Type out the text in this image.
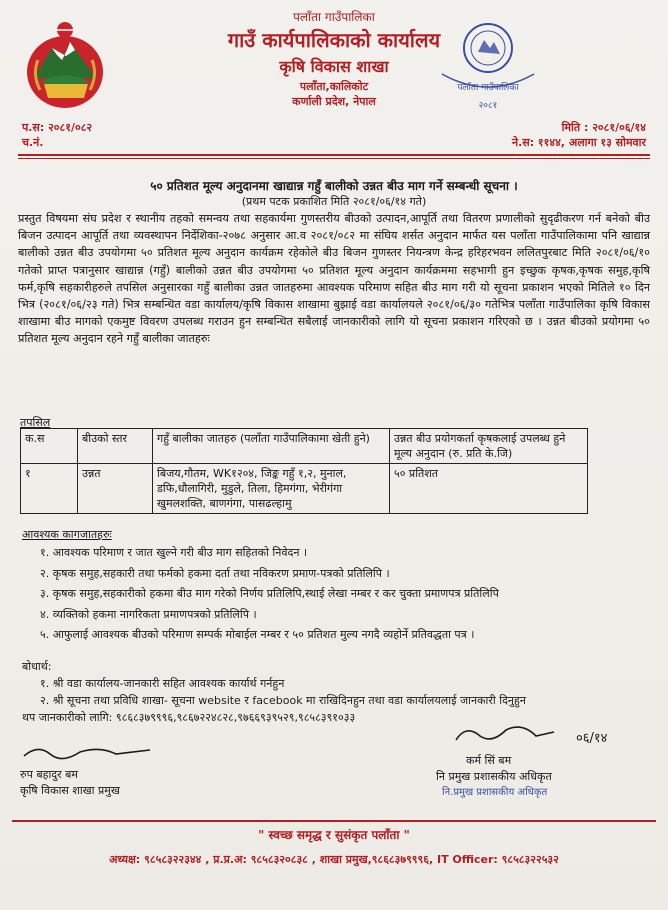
पलाँता गाउँपालिका
गाउँ कार्यपालिकाको कार्यालय
कृषि विकास शाखा
पलाँता,कालिकोट
कर्णाली प्रदेश, नेपाल
पलाँता गाउँपालिका
२०८१
प.स: २०८१/०८२
च.नं.
मिति : २०८१/०६/१४
ने.स: ११४४, अलागा १३ सोमवार
५० प्रतिशत मूल्य अनुदानमा खाद्यान्न गहुँ बालीको उन्नत बीउ माग गर्ने सम्बन्धी सूचना ।
(प्रथम पटक प्रकाशित मिति २०८१/०६/१४ गते)
प्रस्तुत विषयमा संघ प्रदेश र स्थानीय तहको समन्वय तथा सहकार्यमा गुणस्तरीय बीउको उत्पादन,आपूर्ति तथा वितरण प्रणालीको सुदृढीकरण गर्न बनेको बीउ बिजन उत्पादन आपूर्ति तथा व्यवस्थापन निर्देशिका-२०७८ अनुसार आ.व २०८१/०८२ मा संघिय शर्सत अनुदान मार्फत यस पलाँता गाउँपालिकामा पनि खाद्यान्न बालीको उन्नत बीउ उपयोगमा ५० प्रतिशत मूल्य अनुदान कार्यक्रम रहेकोले बीउ बिजन गुणस्तर नियन्त्रण केन्द्र हरिहरभवन ललितपुरबाट मिति २०८१/०६/१० गतेको प्राप्त पत्रानुसार खाद्यान्न (गहुँ) बालीको उन्नत बीउ उपयोगमा ५० प्रतिशत मूल्य अनुदान कार्यक्रममा सहभागी हुन इच्छुक कृषक,कृषक समुह,कृषि फर्म,कृषि सहकारीहरुले तपसिल अनुसारका गहुँ बालीका उन्नत जातहरुमा आवश्यक परिमाण सहित बीउ माग गरी यो सूचना प्रकाशन भएको मितिले १० दिन भित्र (२०८१/०६/२३ गते) भित्र सम्बन्धित वडा कार्यालय/कृषि विकास शाखामा बुझाई वडा कार्यालयले २०८१/०६/३० गतेभित्र पलाँता गाउँपालिका कृषि विकास शाखामा बीउ मागको एकमुष्ट विवरण उपलब्ध गराउन हुन सम्बन्धित सबैलाई जानकारीको लागि यो सूचना प्रकाशन गरिएको छ । उन्नत बीउको प्रयोगमा ५० प्रतिशत मूल्य अनुदान रहने गहुँ बालीका जातहरुः
तपसिल
क.स	बीउको स्तर	गहुँ बालीका जातहरु (पलाँता गाउँपालिकामा खेती हुने)	उन्नत बीउ प्रयोगकर्ता कृषकलाई उपलब्ध हुने मूल्य अनुदान (रु. प्रति के.जि)
१	उन्नत	बिजय,गौतम, WK१२०४, जिङ्क गहुँ १,२, मुनाल, डफि,धौलागिरी, मुडुले, तिला, हिमगंगा, भेरीगंगा खुमलशक्ति, बाणगंगा, पासढल्हामु	५० प्रतिशत
आवश्यक कागजातहरुः
१. आवश्यक परिमाण र जात खुल्ने गरी बीउ माग सहितको निवेदन ।
२. कृषक समुह,सहकारी तथा फर्मको हकमा दर्ता तथा नविकरण प्रमाण-पत्रको प्रतिलिपि ।
३. कृषक समुह,सहकारीको हकमा बीउ माग गरेको निर्णय प्रतिलिपि,स्थाई लेखा नम्बर र कर चुक्ता प्रमाणपत्र प्रतिलिपि
४. व्यक्तिको हकमा नागरिकता प्रमाणपत्रको प्रतिलिपि ।
५. आफुलाई आवश्यक बीउको परिमाण सम्पर्क मोबाईल नम्बर र ५० प्रतिशत मुल्य नगदै व्यहोर्ने प्रतिवद्धता पत्र ।
बोधार्थ:
१. श्री वडा कार्यालय-जानकारी सहित आवश्यक कार्यार्थ गर्नहुन
२. श्री सूचना तथा प्रविधि शाखा- सूचना website र facebook मा राखिदिनहुन तथा वडा कार्यालयलाई जानकारी दिनुहुन
थप जानकारीको लागि: ९८६८३७९९९६,९८६७२२४८२८,९७६६९३९५२९,९८५८३९१०३३
रुप बहादुर बम
कृषि विकास शाखा प्रमुख
०६/१४
कर्म सिं बम
नि प्रमुख प्रशासकीय अधिकृत
नि.प्रमुख प्रशासकीय अधिकृत
" स्वच्छ समृद्ध र सुसंकृत पलाँता "
अध्यक्ष: ९८५८३२२३४४ , प्र.प्र.अ: ९८५८३२०८३८ , शाखा प्रमुख,९८६८३७९९९६, IT Officer: ९८५८३२२५३२
